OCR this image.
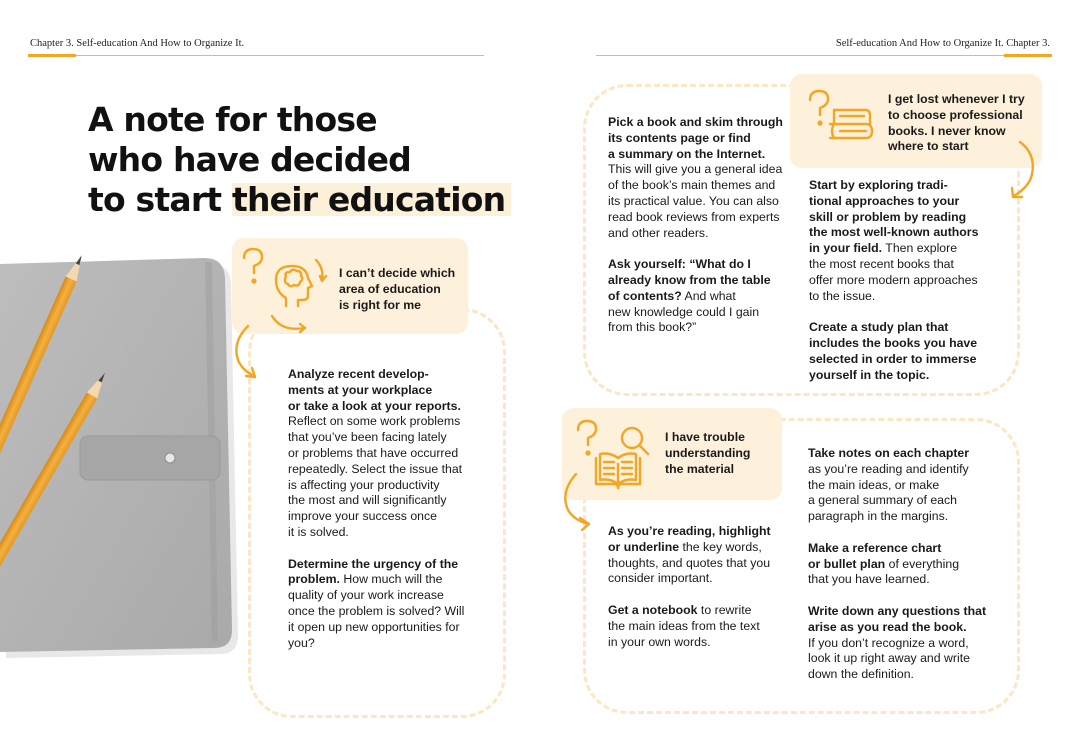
Chapter 3. Self-education And How to Organize It.	Self-education And How to Organize It. Chapter 3.
A note for those
who have decided
to start their education
I can’t decide which
area of education
is right for me

Analyze recent develop-
ments at your workplace
or take a look at your reports.
Reflect on some work problems
that you’ve been facing lately
or problems that have occurred
repeatedly. Select the issue that
is affecting your productivity
the most and will significantly
improve your success once
it is solved.

Determine the urgency of the
problem. How much will the
quality of your work increase
once the problem is solved? Will
it open up new opportunities for
you?

Pick a book and skim through
its contents page or find
a summary on the Internet.
This will give you a general idea
of the book’s main themes and
its practical value. You can also
read book reviews from experts
and other readers.

Ask yourself: “What do I
already know from the table
of contents? And what
new knowledge could I gain
from this book?”

I get lost whenever I try
to choose professional
books. I never know
where to start

Start by exploring tradi-
tional approaches to your
skill or problem by reading
the most well-known authors
in your field. Then explore
the most recent books that
offer more modern approaches
to the issue.

Create a study plan that
includes the books you have
selected in order to immerse
yourself in the topic.

I have trouble
understanding
the material

As you’re reading, highlight
or underline the key words,
thoughts, and quotes that you
consider important.

Get a notebook to rewrite
the main ideas from the text
in your own words.

Take notes on each chapter
as you’re reading and identify
the main ideas, or make
a general summary of each
paragraph in the margins.

Make a reference chart
or bullet plan of everything
that you have learned.

Write down any questions that
arise as you read the book.
If you don’t recognize a word,
look it up right away and write
down the definition.
